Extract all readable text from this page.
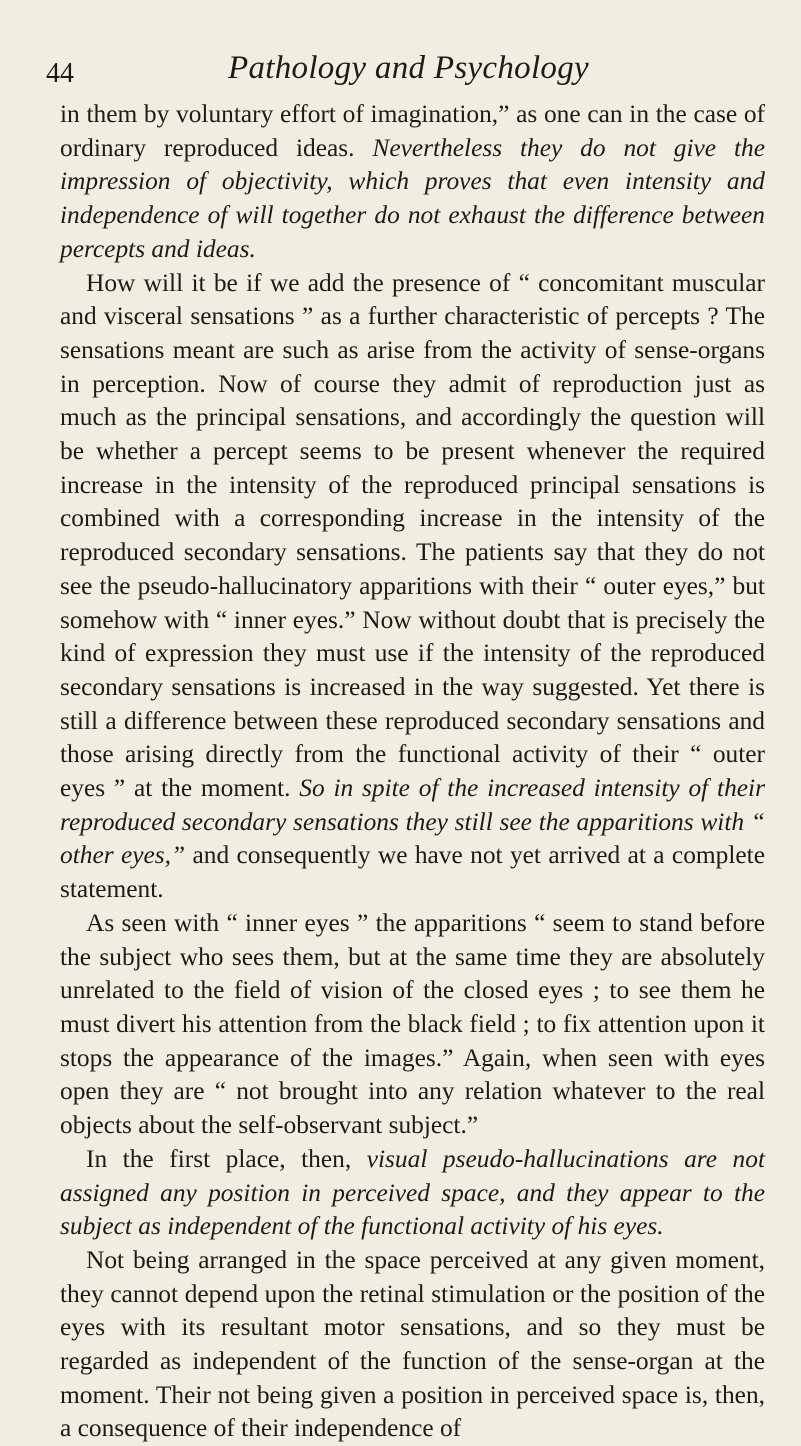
44	Pathology and Psychology

in them by voluntary effort of imagination,” as one can in the case of ordinary reproduced ideas. Nevertheless they do not give the impression of objectivity, which proves that even intensity and independence of will together do not exhaust the difference between percepts and ideas.

How will it be if we add the presence of “ concomitant muscular and visceral sensations ” as a further characteristic of percepts ? The sensations meant are such as arise from the activity of sense-organs in perception. Now of course they admit of reproduction just as much as the principal sensations, and accordingly the question will be whether a percept seems to be present whenever the required increase in the intensity of the reproduced principal sensations is combined with a corresponding increase in the intensity of the reproduced secondary sensations. The patients say that they do not see the pseudo-hallucinatory apparitions with their “ outer eyes,” but somehow with “ inner eyes.” Now without doubt that is precisely the kind of expression they must use if the intensity of the reproduced secondary sensations is increased in the way suggested. Yet there is still a difference between these reproduced secondary sensations and those arising directly from the functional activity of their “ outer eyes ” at the moment. So in spite of the increased intensity of their reproduced secondary sensations they still see the apparitions with “ other eyes,” and consequently we have not yet arrived at a complete statement.

As seen with “ inner eyes ” the apparitions “ seem to stand before the subject who sees them, but at the same time they are absolutely unrelated to the field of vision of the closed eyes ; to see them he must divert his attention from the black field ; to fix attention upon it stops the appearance of the images.” Again, when seen with eyes open they are “ not brought into any relation whatever to the real objects about the self-observant subject.”

In the first place, then, visual pseudo-hallucinations are not assigned any position in perceived space, and they appear to the subject as independent of the functional activity of his eyes.

Not being arranged in the space perceived at any given moment, they cannot depend upon the retinal stimulation or the position of the eyes with its resultant motor sensations, and so they must be regarded as independent of the function of the sense-organ at the moment. Their not being given a position in perceived space is, then, a consequence of their independence of
